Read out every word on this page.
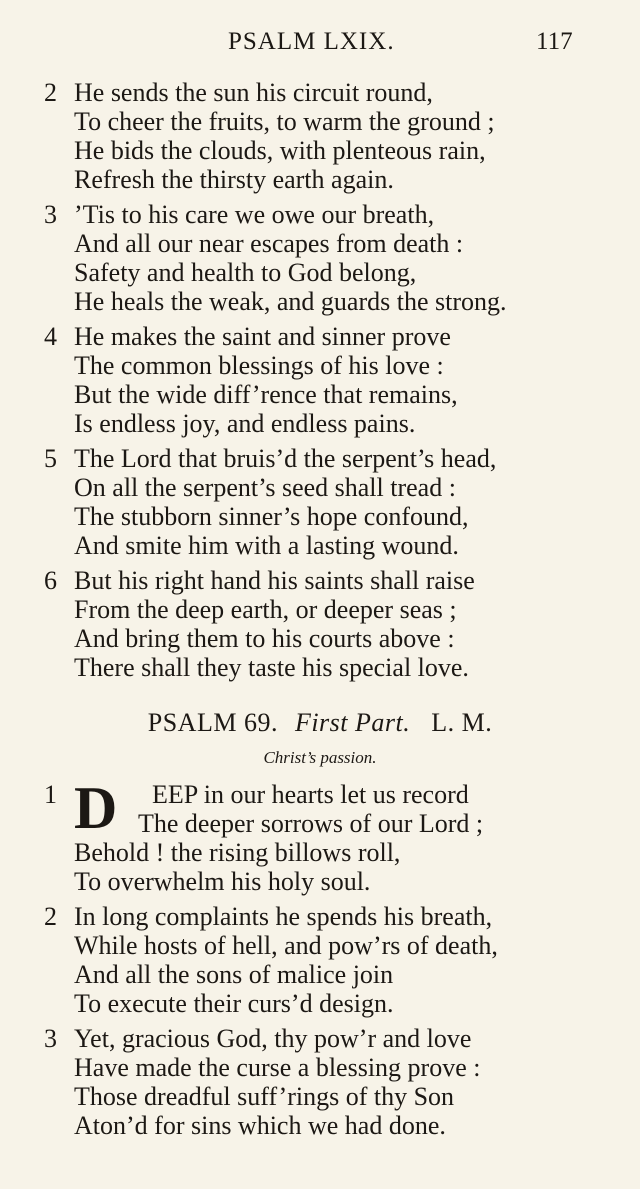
PSALM LXIX.	117
2 He sends the sun his circuit round,
To cheer the fruits, to warm the ground ;
He bids the clouds, with plenteous rain,
Refresh the thirsty earth again.
3 ’Tis to his care we owe our breath,
And all our near escapes from death :
Safety and health to God belong,
He heals the weak, and guards the strong.
4 He makes the saint and sinner prove
The common blessings of his love :
But the wide diff’rence that remains,
Is endless joy, and endless pains.
5 The Lord that bruis’d the serpent’s head,
On all the serpent’s seed shall tread :
The stubborn sinner’s hope confound,
And smite him with a lasting wound.
6 But his right hand his saints shall raise
From the deep earth, or deeper seas ;
And bring them to his courts above :
There shall they taste his special love.
PSALM 69. First Part. L. M.
Christ’s passion.
D
1	EEP in our hearts let us record
The deeper sorrows of our Lord ;
Behold ! the rising billows roll,
To overwhelm his holy soul.
2 In long complaints he spends his breath,
While hosts of hell, and pow’rs of death,
And all the sons of malice join
To execute their curs’d design.
3 Yet, gracious God, thy pow’r and love
Have made the curse a blessing prove :
Those dreadful suff’rings of thy Son
Aton’d for sins which we had done.
